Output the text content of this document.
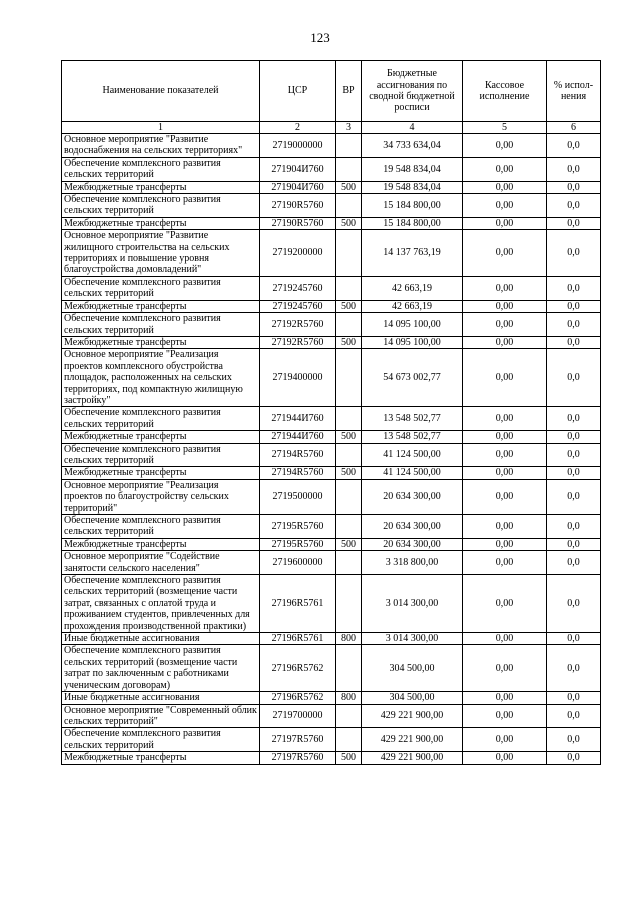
123
Наименование показателей	ЦСР	ВР	Бюджетные ассигнования по сводной бюджетной росписи	Кассовое исполнение	% испол-нения
1	2	3	4	5	6
Основное мероприятие "Развитие водоснабжения на сельских территориях"	2719000000		34 733 634,04	0,00	0,0
Обеспечение комплексного развития сельских территорий	271904И760		19 548 834,04	0,00	0,0
Межбюджетные трансферты	271904И760	500	19 548 834,04	0,00	0,0
Обеспечение комплексного развития сельских территорий	27190R5760		15 184 800,00	0,00	0,0
Межбюджетные трансферты	27190R5760	500	15 184 800,00	0,00	0,0
Основное мероприятие "Развитие жилищного строительства на сельских территориях и повышение уровня благоустройства домовладений"	2719200000		14 137 763,19	0,00	0,0
Обеспечение комплексного развития сельских территорий	2719245760		42 663,19	0,00	0,0
Межбюджетные трансферты	2719245760	500	42 663,19	0,00	0,0
Обеспечение комплексного развития сельских территорий	27192R5760		14 095 100,00	0,00	0,0
Межбюджетные трансферты	27192R5760	500	14 095 100,00	0,00	0,0
Основное мероприятие "Реализация проектов комплексного обустройства площадок, расположенных на сельских территориях, под компактную жилищную застройку"	2719400000		54 673 002,77	0,00	0,0
Обеспечение комплексного развития сельских территорий	271944И760		13 548 502,77	0,00	0,0
Межбюджетные трансферты	271944И760	500	13 548 502,77	0,00	0,0
Обеспечение комплексного развития сельских территорий	27194R5760		41 124 500,00	0,00	0,0
Межбюджетные трансферты	27194R5760	500	41 124 500,00	0,00	0,0
Основное мероприятие "Реализация проектов по благоустройству сельских территорий"	2719500000		20 634 300,00	0,00	0,0
Обеспечение комплексного развития сельских территорий	27195R5760		20 634 300,00	0,00	0,0
Межбюджетные трансферты	27195R5760	500	20 634 300,00	0,00	0,0
Основное мероприятие "Содействие занятости сельского населения"	2719600000		3 318 800,00	0,00	0,0
Обеспечение комплексного развития сельских территорий (возмещение части затрат, связанных с оплатой труда и проживанием студентов, привлеченных для прохождения производственной практики)	27196R5761		3 014 300,00	0,00	0,0
Иные бюджетные ассигнования	27196R5761	800	3 014 300,00	0,00	0,0
Обеспечение комплексного развития сельских территорий (возмещение части затрат по заключенным с работниками ученическим договорам)	27196R5762		304 500,00	0,00	0,0
Иные бюджетные ассигнования	27196R5762	800	304 500,00	0,00	0,0
Основное мероприятие "Современный облик сельских территорий"	2719700000		429 221 900,00	0,00	0,0
Обеспечение комплексного развития сельских территорий	27197R5760		429 221 900,00	0,00	0,0
Межбюджетные трансферты	27197R5760	500	429 221 900,00	0,00	0,0
